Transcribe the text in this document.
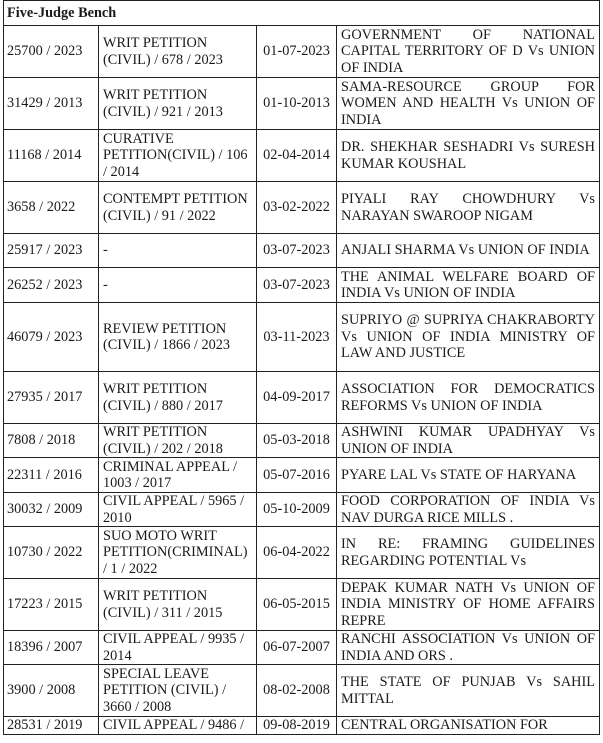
Five-Judge Bench			
25700 / 2023	WRIT PETITION (CIVIL) / 678 / 2023	01-07-2023	GOVERNMENT OF NATIONAL CAPITAL TERRITORY OF D Vs UNION OF INDIA
31429 / 2013	WRIT PETITION (CIVIL) / 921 / 2013	01-10-2013	SAMA-RESOURCE GROUP FOR WOMEN AND HEALTH Vs UNION OF INDIA
11168 / 2014	CURATIVE PETITION(CIVIL) / 106 / 2014	02-04-2014	DR. SHEKHAR SESHADRI Vs SURESH KUMAR KOUSHAL
3658 / 2022	CONTEMPT PETITION (CIVIL) / 91 / 2022	03-02-2022	PIYALI RAY CHOWDHURY Vs NARAYAN SWAROOP NIGAM
25917 / 2023	-	03-07-2023	ANJALI SHARMA Vs UNION OF INDIA
26252 / 2023	-	03-07-2023	THE ANIMAL WELFARE BOARD OF INDIA Vs UNION OF INDIA
46079 / 2023	REVIEW PETITION (CIVIL) / 1866 / 2023	03-11-2023	SUPRIYO @ SUPRIYA CHAKRABORTY Vs UNION OF INDIA MINISTRY OF LAW AND JUSTICE
27935 / 2017	WRIT PETITION (CIVIL) / 880 / 2017	04-09-2017	ASSOCIATION FOR DEMOCRATICS REFORMS Vs UNION OF INDIA
7808 / 2018	WRIT PETITION (CIVIL) / 202 / 2018	05-03-2018	ASHWINI KUMAR UPADHYAY Vs UNION OF INDIA
22311 / 2016	CRIMINAL APPEAL / 1003 / 2017	05-07-2016	PYARE LAL Vs STATE OF HARYANA
30032 / 2009	CIVIL APPEAL / 5965 / 2010	05-10-2009	FOOD CORPORATION OF INDIA Vs NAV DURGA RICE MILLS .
10730 / 2022	SUO MOTO WRIT PETITION(CRIMINAL) / 1 / 2022	06-04-2022	IN RE: FRAMING GUIDELINES REGARDING POTENTIAL Vs
17223 / 2015	WRIT PETITION (CIVIL) / 311 / 2015	06-05-2015	DEPAK KUMAR NATH Vs UNION OF INDIA MINISTRY OF HOME AFFAIRS REPRE
18396 / 2007	CIVIL APPEAL / 9935 / 2014	06-07-2007	RANCHI ASSOCIATION Vs UNION OF INDIA AND ORS .
3900 / 2008	SPECIAL LEAVE PETITION (CIVIL) / 3660 / 2008	08-02-2008	THE STATE OF PUNJAB Vs SAHIL MITTAL
28531 / 2019	CIVIL APPEAL / 9486 /	09-08-2019	CENTRAL ORGANISATION FOR
